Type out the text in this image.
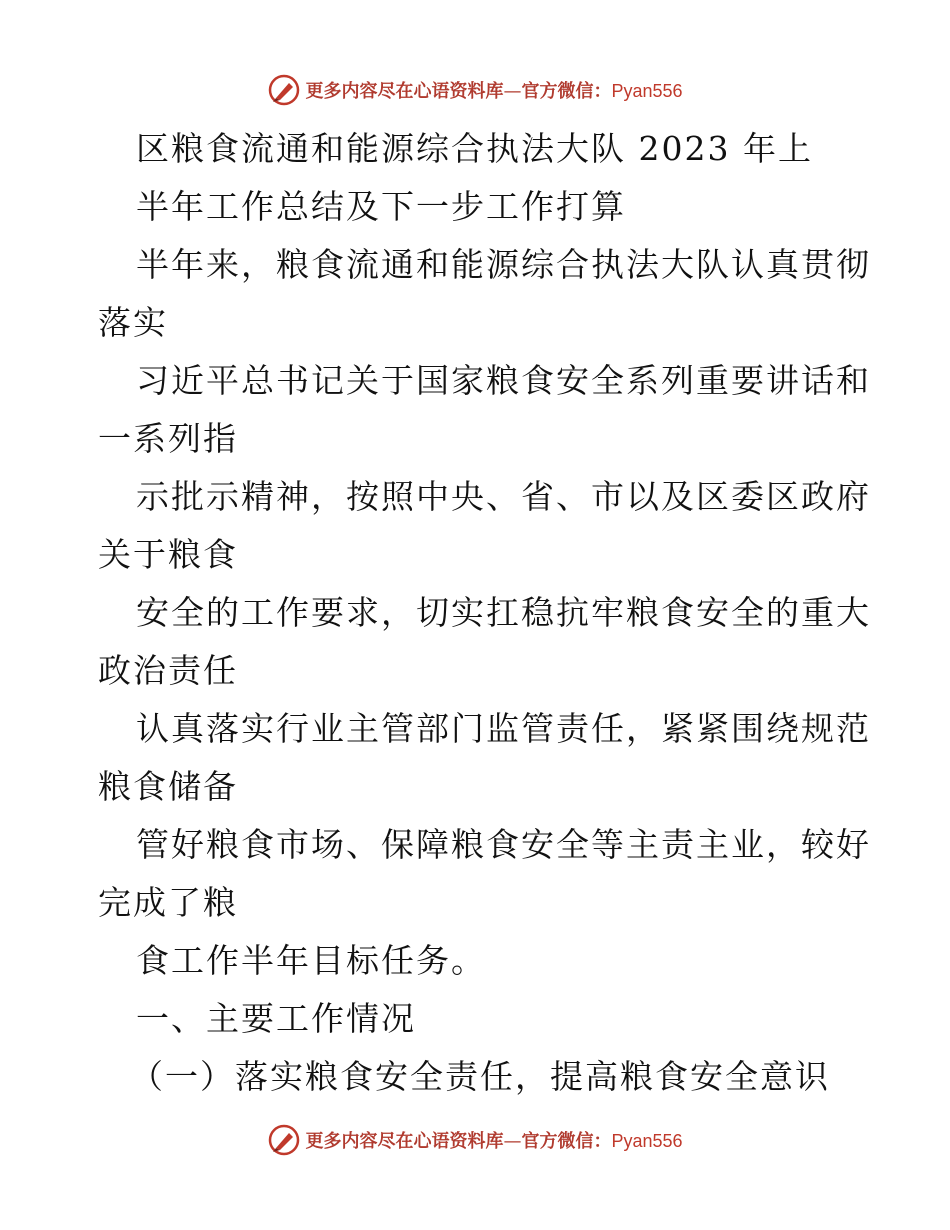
更多内容尽在心语资料库—官方微信：Pyan556
区粮食流通和能源综合执法大队 2023 年上
半年工作总结及下一步工作打算
半年来，粮食流通和能源综合执法大队认真贯彻
落实
习近平总书记关于国家粮食安全系列重要讲话和
一系列指
示批示精神，按照中央、省、市以及区委区政府
关于粮食
安全的工作要求，切实扛稳抗牢粮食安全的重大
政治责任
认真落实行业主管部门监管责任，紧紧围绕规范
粮食储备
管好粮食市场、保障粮食安全等主责主业，较好
完成了粮
食工作半年目标任务。
一、主要工作情况
（一）落实粮食安全责任，提高粮食安全意识
更多内容尽在心语资料库—官方微信：Pyan556
